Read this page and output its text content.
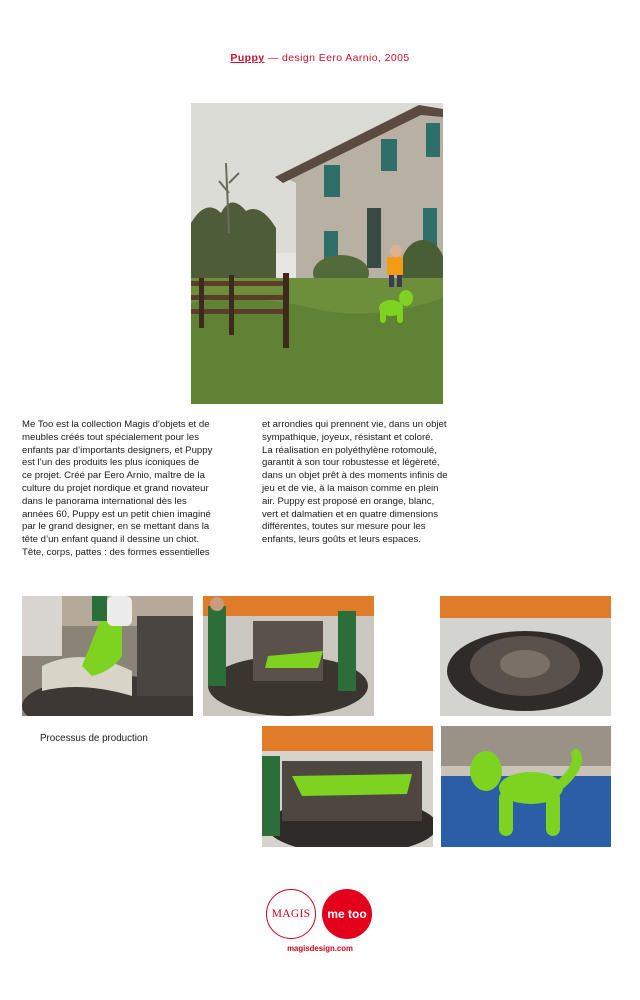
Puppy — design Eero Aarnio, 2005
Me Too est la collection Magis d’objets et de
meubles créés tout spécialement pour les
enfants par d’importants designers, et Puppy
est l’un des produits les plus iconiques de
ce projet. Créé par Eero Arnio, maître de la
culture du projet nordique et grand novateur
dans le panorama international dès les
années 60, Puppy est un petit chien imaginé
par le grand designer, en se mettant dans la
tête d’un enfant quand il dessine un chiot.
Tête, corps, pattes : des formes essentielles
et arrondies qui prennent vie, dans un objet
sympathique, joyeux, résistant et coloré.
La réalisation en polyéthylène rotomoulé,
garantit à son tour robustesse et légèreté,
dans un objet prêt à des moments infinis de
jeu et de vie, à la maison comme en plein
air. Puppy est proposé en orange, blanc,
vert et dalmatien et en quatre dimensions
différentes, toutes sur mesure pour les
enfants, leurs goûts et leurs espaces.
Processus de production
MAGIS me too
magisdesign.com
